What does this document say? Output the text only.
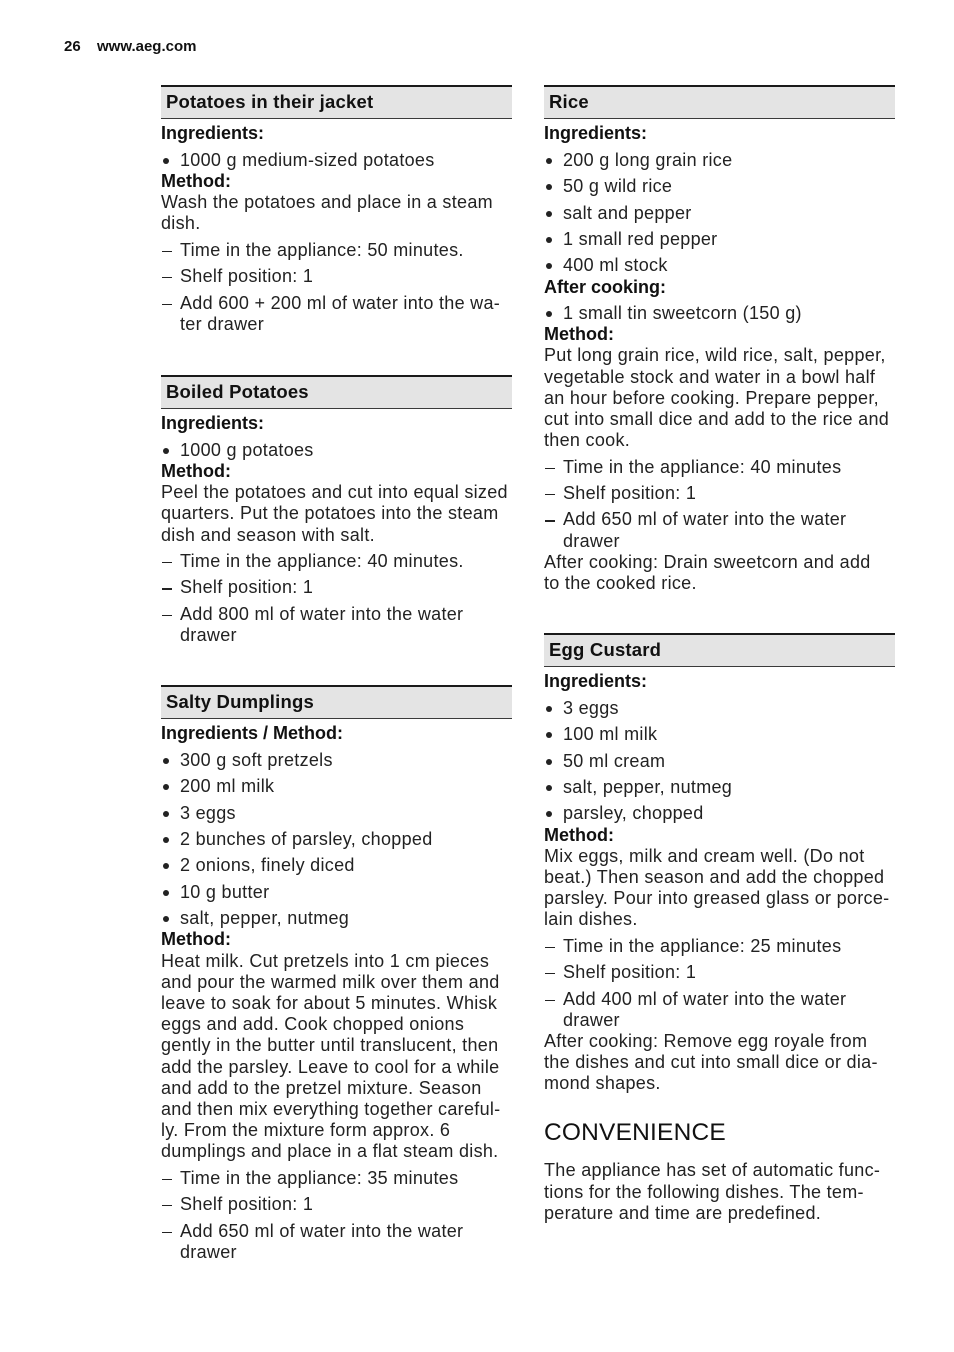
26 www.aeg.com
Potatoes in their jacket
Ingredients:
1000 g medium-sized potatoes
Method:

Wash the potatoes and place in a steam
dish.

Time in the appliance: 50 minutes.
Shelf position: 1
Add 600 + 200 ml of water into the wa-
ter drawer
Boiled Potatoes
Ingredients:
1000 g potatoes
Method:

Peel the potatoes and cut into equal sized
quarters. Put the potatoes into the steam
dish and season with salt.

Time in the appliance: 40 minutes.
Shelf position: 1
Add 800 ml of water into the water
drawer
Salty Dumplings
Ingredients / Method:
300 g soft pretzels
200 ml milk
3 eggs
2 bunches of parsley, chopped
2 onions, finely diced
10 g butter
salt, pepper, nutmeg
Method:

Heat milk. Cut pretzels into 1 cm pieces
and pour the warmed milk over them and
leave to soak for about 5 minutes. Whisk
eggs and add. Cook chopped onions
gently in the butter until translucent, then
add the parsley. Leave to cool for a while
and add to the pretzel mixture. Season
and then mix everything together careful-
ly. From the mixture form approx. 6
dumplings and place in a flat steam dish.

Time in the appliance: 35 minutes
Shelf position: 1
Add 650 ml of water into the water
drawer
Rice
Ingredients:
200 g long grain rice
50 g wild rice
salt and pepper
1 small red pepper
400 ml stock
After cooking:
1 small tin sweetcorn (150 g)
Method:

Put long grain rice, wild rice, salt, pepper,
vegetable stock and water in a bowl half
an hour before cooking. Prepare pepper,
cut into small dice and add to the rice and
then cook.

Time in the appliance: 40 minutes
Shelf position: 1
Add 650 ml of water into the water
drawer

After cooking: Drain sweetcorn and add
to the cooked rice.

Egg Custard
Ingredients:
3 eggs
100 ml milk
50 ml cream
salt, pepper, nutmeg
parsley, chopped
Method:

Mix eggs, milk and cream well. (Do not
beat.) Then season and add the chopped
parsley. Pour into greased glass or porce-
lain dishes.

Time in the appliance: 25 minutes
Shelf position: 1
Add 400 ml of water into the water
drawer

After cooking: Remove egg royale from
the dishes and cut into small dice or dia-
mond shapes.

CONVENIENCE

The appliance has set of automatic func-
tions for the following dishes. The tem-
perature and time are predefined.
